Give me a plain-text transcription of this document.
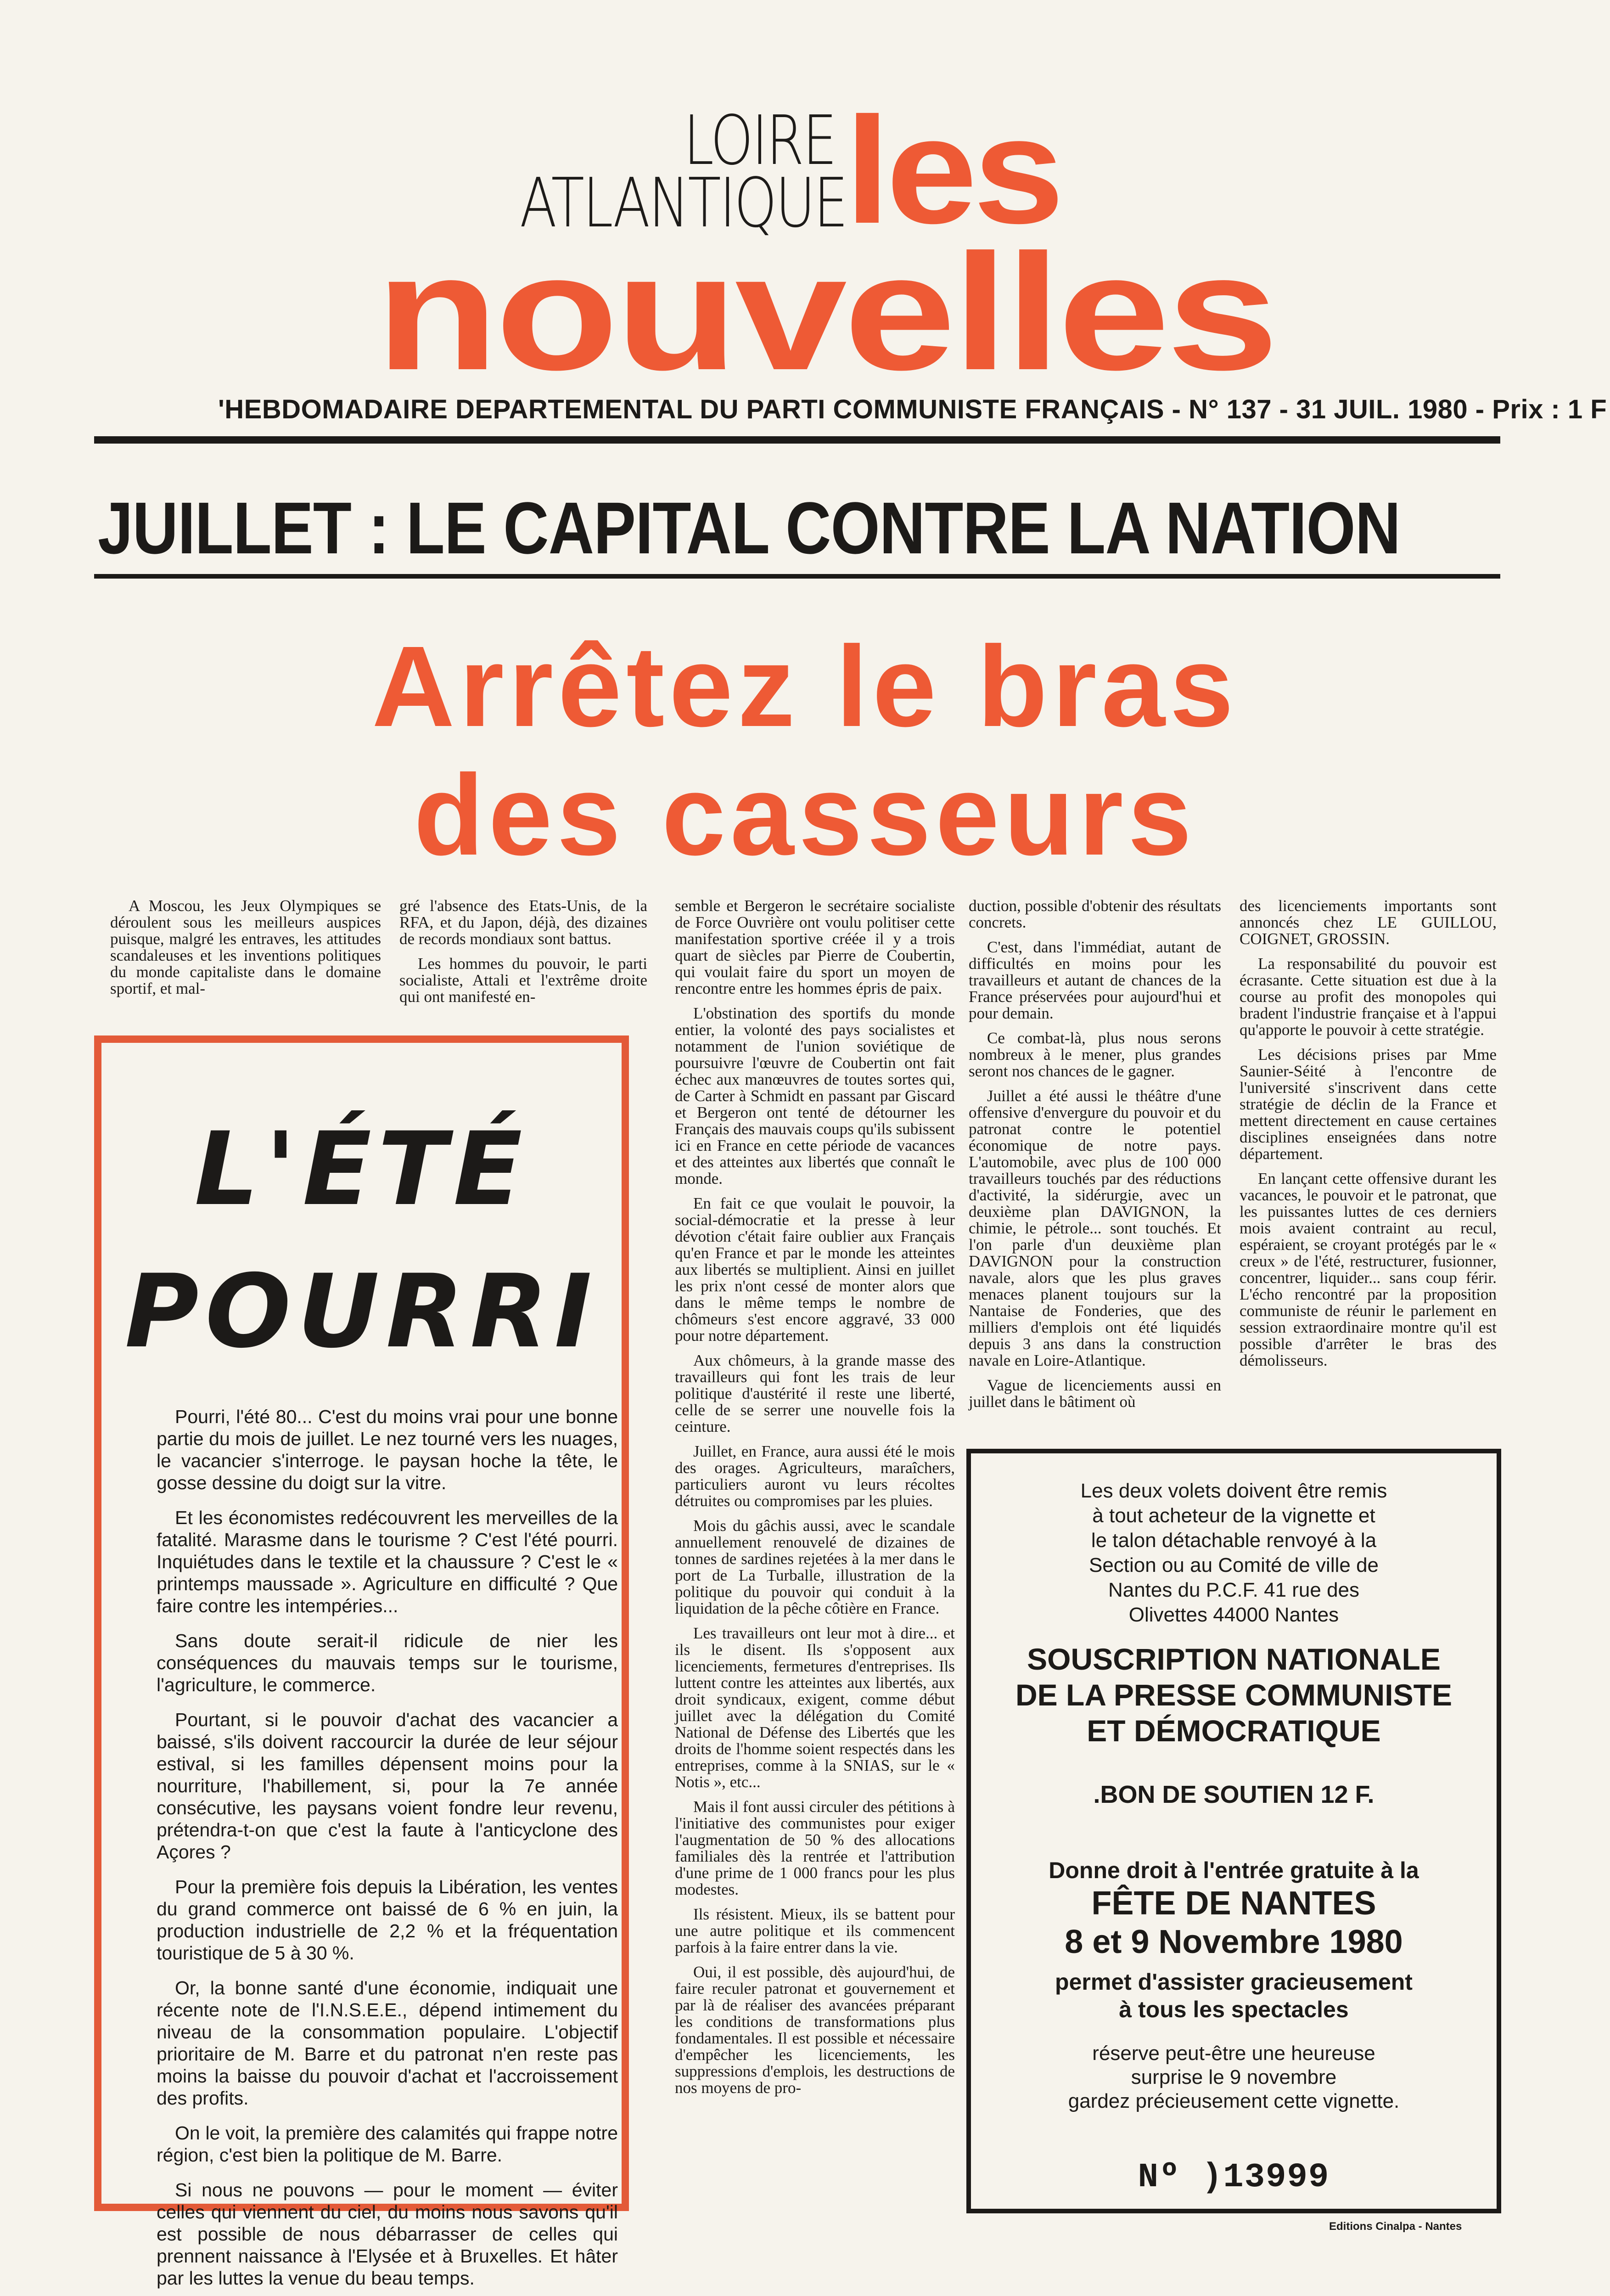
LOIRE
ATLANTIQUE
les
nouvelles
'HEBDOMADAIRE DEPARTEMENTAL DU PARTI COMMUNISTE FRANÇAIS - N° 137 - 31 JUIL. 1980 - Prix : 1 F
JUILLET : LE CAPITAL CONTRE LA NATION
Arrêtez le bras
des casseurs

A Moscou, les Jeux Olympiques se déroulent sous les meilleurs auspices puisque, malgré les entraves, les attitudes scandaleuses et les inventions politiques du monde capitaliste dans le domaine sportif, et mal-

gré l'absence des Etats-Unis, de la RFA, et du Japon, déjà, des dizaines de records mondiaux sont battus.

Les hommes du pouvoir, le parti socialiste, Attali et l'extrême droite qui ont manifesté en-

semble et Bergeron le secrétaire socialiste de Force Ouvrière ont voulu politiser cette manifestation sportive créée il y a trois quart de siècles par Pierre de Coubertin, qui voulait faire du sport un moyen de rencontre entre les hommes épris de paix.

L'obstination des sportifs du monde entier, la volonté des pays socialistes et notamment de l'union soviétique de poursuivre l'œuvre de Coubertin ont fait échec aux manœuvres de toutes sortes qui, de Carter à Schmidt en passant par Giscard et Bergeron ont tenté de détourner les Français des mauvais coups qu'ils subissent ici en France en cette période de vacances et des atteintes aux libertés que connaît le monde.

En fait ce que voulait le pouvoir, la social-démocratie et la presse à leur dévotion c'était faire oublier aux Français qu'en France et par le monde les atteintes aux libertés se multiplient. Ainsi en juillet les prix n'ont cessé de monter alors que dans le même temps le nombre de chômeurs s'est encore aggravé, 33 000 pour notre département.

Aux chômeurs, à la grande masse des travailleurs qui font les trais de leur politique d'austérité il reste une liberté, celle de se serrer une nouvelle fois la ceinture.

Juillet, en France, aura aussi été le mois des orages. Agriculteurs, maraîchers, particuliers auront vu leurs récoltes détruites ou compromises par les pluies.

Mois du gâchis aussi, avec le scandale annuellement renouvelé de dizaines de tonnes de sardines rejetées à la mer dans le port de La Turballe, illustration de la politique du pouvoir qui conduit à la liquidation de la pêche côtière en France.

Les travailleurs ont leur mot à dire... et ils le disent. Ils s'opposent aux licenciements, fermetures d'entreprises. Ils luttent contre les atteintes aux libertés, aux droit syndicaux, exigent, comme début juillet avec la délégation du Comité National de Défense des Libertés que les droits de l'homme soient respectés dans les entreprises, comme à la SNIAS, sur le « Notis », etc...

Mais il font aussi circuler des pétitions à l'initiative des communistes pour exiger l'augmentation de 50 % des allocations familiales dès la rentrée et l'attribution d'une prime de 1 000 francs pour les plus modestes.

Ils résistent. Mieux, ils se battent pour une autre politique et ils commencent parfois à la faire entrer dans la vie.

Oui, il est possible, dès aujourd'hui, de faire reculer patronat et gouvernement et par là de réaliser des avancées préparant les conditions de transformations plus fondamentales. Il est possible et nécessaire d'empêcher les licenciements, les suppressions d'emplois, les destructions de nos moyens de pro-

duction, possible d'obtenir des résultats concrets.

C'est, dans l'immédiat, autant de difficultés en moins pour les travailleurs et autant de chances de la France préservées pour aujourd'hui et pour demain.

Ce combat-là, plus nous serons nombreux à le mener, plus grandes seront nos chances de le gagner.

Juillet a été aussi le théâtre d'une offensive d'envergure du pouvoir et du patronat contre le potentiel économique de notre pays. L'automobile, avec plus de 100 000 travailleurs touchés par des réductions d'activité, la sidérurgie, avec un deuxième plan DAVIGNON, la chimie, le pétrole... sont touchés. Et l'on parle d'un deuxième plan DAVIGNON pour la construction navale, alors que les plus graves menaces planent toujours sur la Nantaise de Fonderies, que des milliers d'emplois ont été liquidés depuis 3 ans dans la construction navale en Loire-Atlantique.

Vague de licenciements aussi en juillet dans le bâtiment où

des licenciements importants sont annoncés chez LE GUILLOU, COIGNET, GROSSIN.

La responsabilité du pouvoir est écrasante. Cette situation est due à la course au profit des monopoles qui bradent l'industrie française et à l'appui qu'apporte le pouvoir à cette stratégie.

Les décisions prises par Mme Saunier-Séité à l'encontre de l'université s'inscrivent dans cette stratégie de déclin de la France et mettent directement en cause certaines disciplines enseignées dans notre département.

En lançant cette offensive durant les vacances, le pouvoir et le patronat, que les puissantes luttes de ces derniers mois avaient contraint au recul, espéraient, se croyant protégés par le « creux » de l'été, restructurer, fusionner, concentrer, liquider... sans coup férir. L'écho rencontré par la proposition communiste de réunir le parlement en session extraordinaire montre qu'il est possible d'arrêter le bras des démolisseurs.

L'ÉTÉ
POURRI

Pourri, l'été 80... C'est du moins vrai pour une bonne partie du mois de juillet. Le nez tourné vers les nuages, le vacancier s'interroge. le paysan hoche la tête, le gosse dessine du doigt sur la vitre.

Et les économistes redécouvrent les merveilles de la fatalité. Marasme dans le tourisme ? C'est l'été pourri. Inquiétudes dans le textile et la chaussure ? C'est le « printemps maussade ». Agriculture en difficulté ? Que faire contre les intempéries...

Sans doute serait-il ridicule de nier les conséquences du mauvais temps sur le tourisme, l'agriculture, le commerce.

Pourtant, si le pouvoir d'achat des vacancier a baissé, s'ils doivent raccourcir la durée de leur séjour estival, si les familles dépensent moins pour la nourriture, l'habillement, si, pour la 7e année consécutive, les paysans voient fondre leur revenu, prétendra-t-on que c'est la faute à l'anticyclone des Açores ?

Pour la première fois depuis la Libération, les ventes du grand commerce ont baissé de 6 % en juin, la production industrielle de 2,2 % et la fréquentation touristique de 5 à 30 %.

Or, la bonne santé d'une économie, indiquait une récente note de l'I.N.S.E.E., dépend intimement du niveau de la consommation populaire. L'objectif prioritaire de M. Barre et du patronat n'en reste pas moins la baisse du pouvoir d'achat et l'accroissement des profits.

On le voit, la première des calamités qui frappe notre région, c'est bien la politique de M. Barre.

Si nous ne pouvons — pour le moment — éviter celles qui viennent du ciel, du moins nous savons qu'il est possible de nous débarrasser de celles qui prennent naissance à l'Elysée et à Bruxelles. Et hâter par les luttes la venue du beau temps.

Les deux volets doivent être remis
à tout acheteur de la vignette et
le talon détachable renvoyé à la
Section ou au Comité de ville de
Nantes du P.C.F. 41 rue des
Olivettes 44000 Nantes
SOUSCRIPTION NATIONALE
DE LA PRESSE COMMUNISTE
ET DÉMOCRATIQUE
.BON DE SOUTIEN 12 F.
Donne droit à l'entrée gratuite à la
FÊTE DE NANTES
8 et 9 Novembre 1980
permet d'assister gracieusement
à tous les spectacles
réserve peut-être une heureuse
surprise le 9 novembre
gardez précieusement cette vignette.
Nº )13999
Editions Cinalpa - Nantes
